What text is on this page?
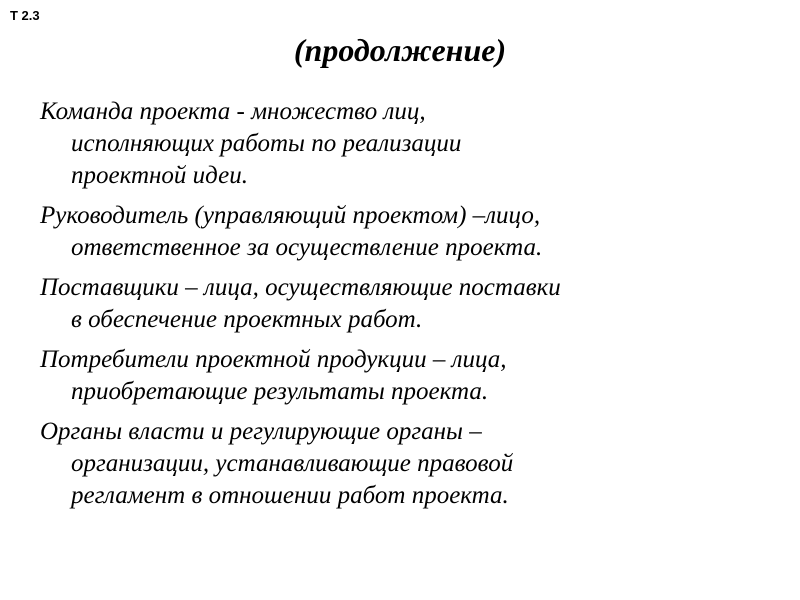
Т 2.3
(продолжение)

Команда проекта - множество лиц,
исполняющих работы по реализации
проектной идеи.

Руководитель (управляющий проектом) –лицо,
ответственное за осуществление проекта.

Поставщики – лица, осуществляющие поставки
в обеспечение проектных работ.

Потребители проектной продукции – лица,
приобретающие результаты проекта.

Органы власти и регулирующие органы –
организации, устанавливающие правовой
регламент в отношении работ проекта.
